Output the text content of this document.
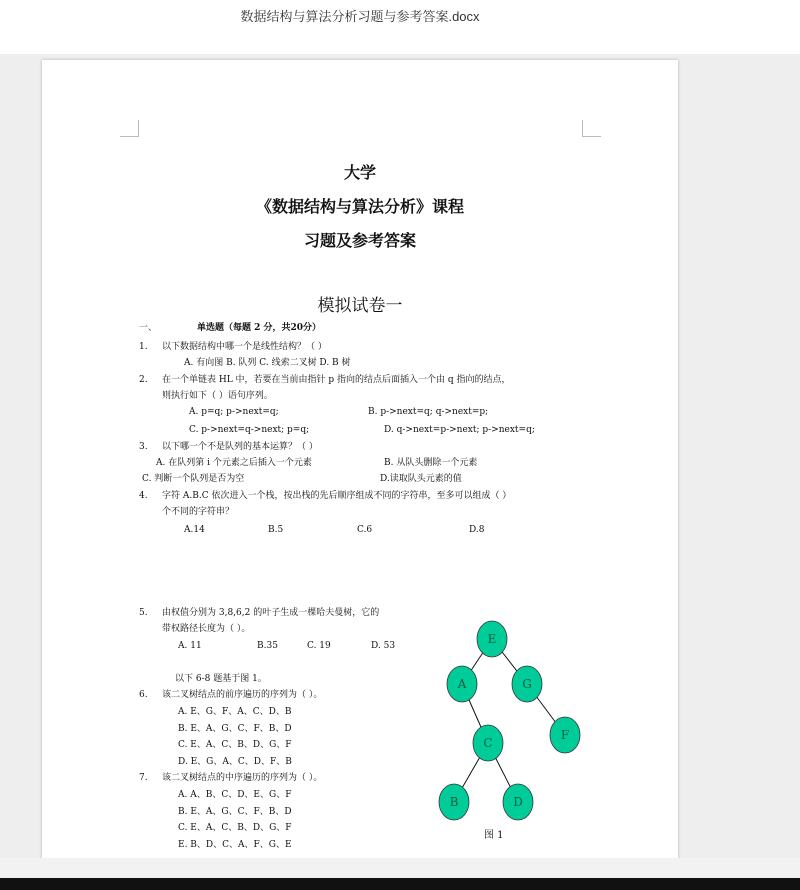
数据结构与算法分析习题与参考答案.docx
大学
《数据结构与算法分析》课程
习题及参考答案
模拟试卷一
一、	单选题（每题 2 分，共20分）
1. 以下数据结构中哪一个是线性结构？（ ）
A. 有向图 B. 队列 C. 线索二叉树 D. B 树
2. 在一个单链表 HL 中，若要在当前由指针 p 指向的结点后面插入一个由 q 指向的结点，
则执行如下（ ）语句序列。
A. p=q; p->next=q;	B. p->next=q; q->next=p;
C. p->next=q->next; p=q;	D. q->next=p->next; p->next=q;
3. 以下哪一个不是队列的基本运算？（ ）
A. 在队列第 i 个元素之后插入一个元素	B. 从队头删除一个元素
C. 判断一个队列是否为空	D.读取队头元素的值
4. 字符 A.B.C 依次进入一个栈，按出栈的先后顺序组成不同的字符串，至多可以组成（ ）
个不同的字符串？
A.14	B.5	C.6	D.8
5. 由权值分别为 3,8,6,2 的叶子生成一棵哈夫曼树，它的
带权路径长度为（ ）。
A. 11	B.35	C. 19	D. 53
以下 6-8 题基于图 1。
6. 该二叉树结点的前序遍历的序列为（ ）。
A. E、G、F、A、C、D、B
B. E、A、G、C、F、B、D
C. E、A、C、B、D、G、F
D. E、G、A、C、D、F、B
7. 该二叉树结点的中序遍历的序列为（ ）。
A. A、B、C、D、E、G、F
B. E、A、G、C、F、B、D
C. E、A、C、B、D、G、F
E. B、D、C、A、F、G、E
E
A	G
C
F
B	D
图 1
